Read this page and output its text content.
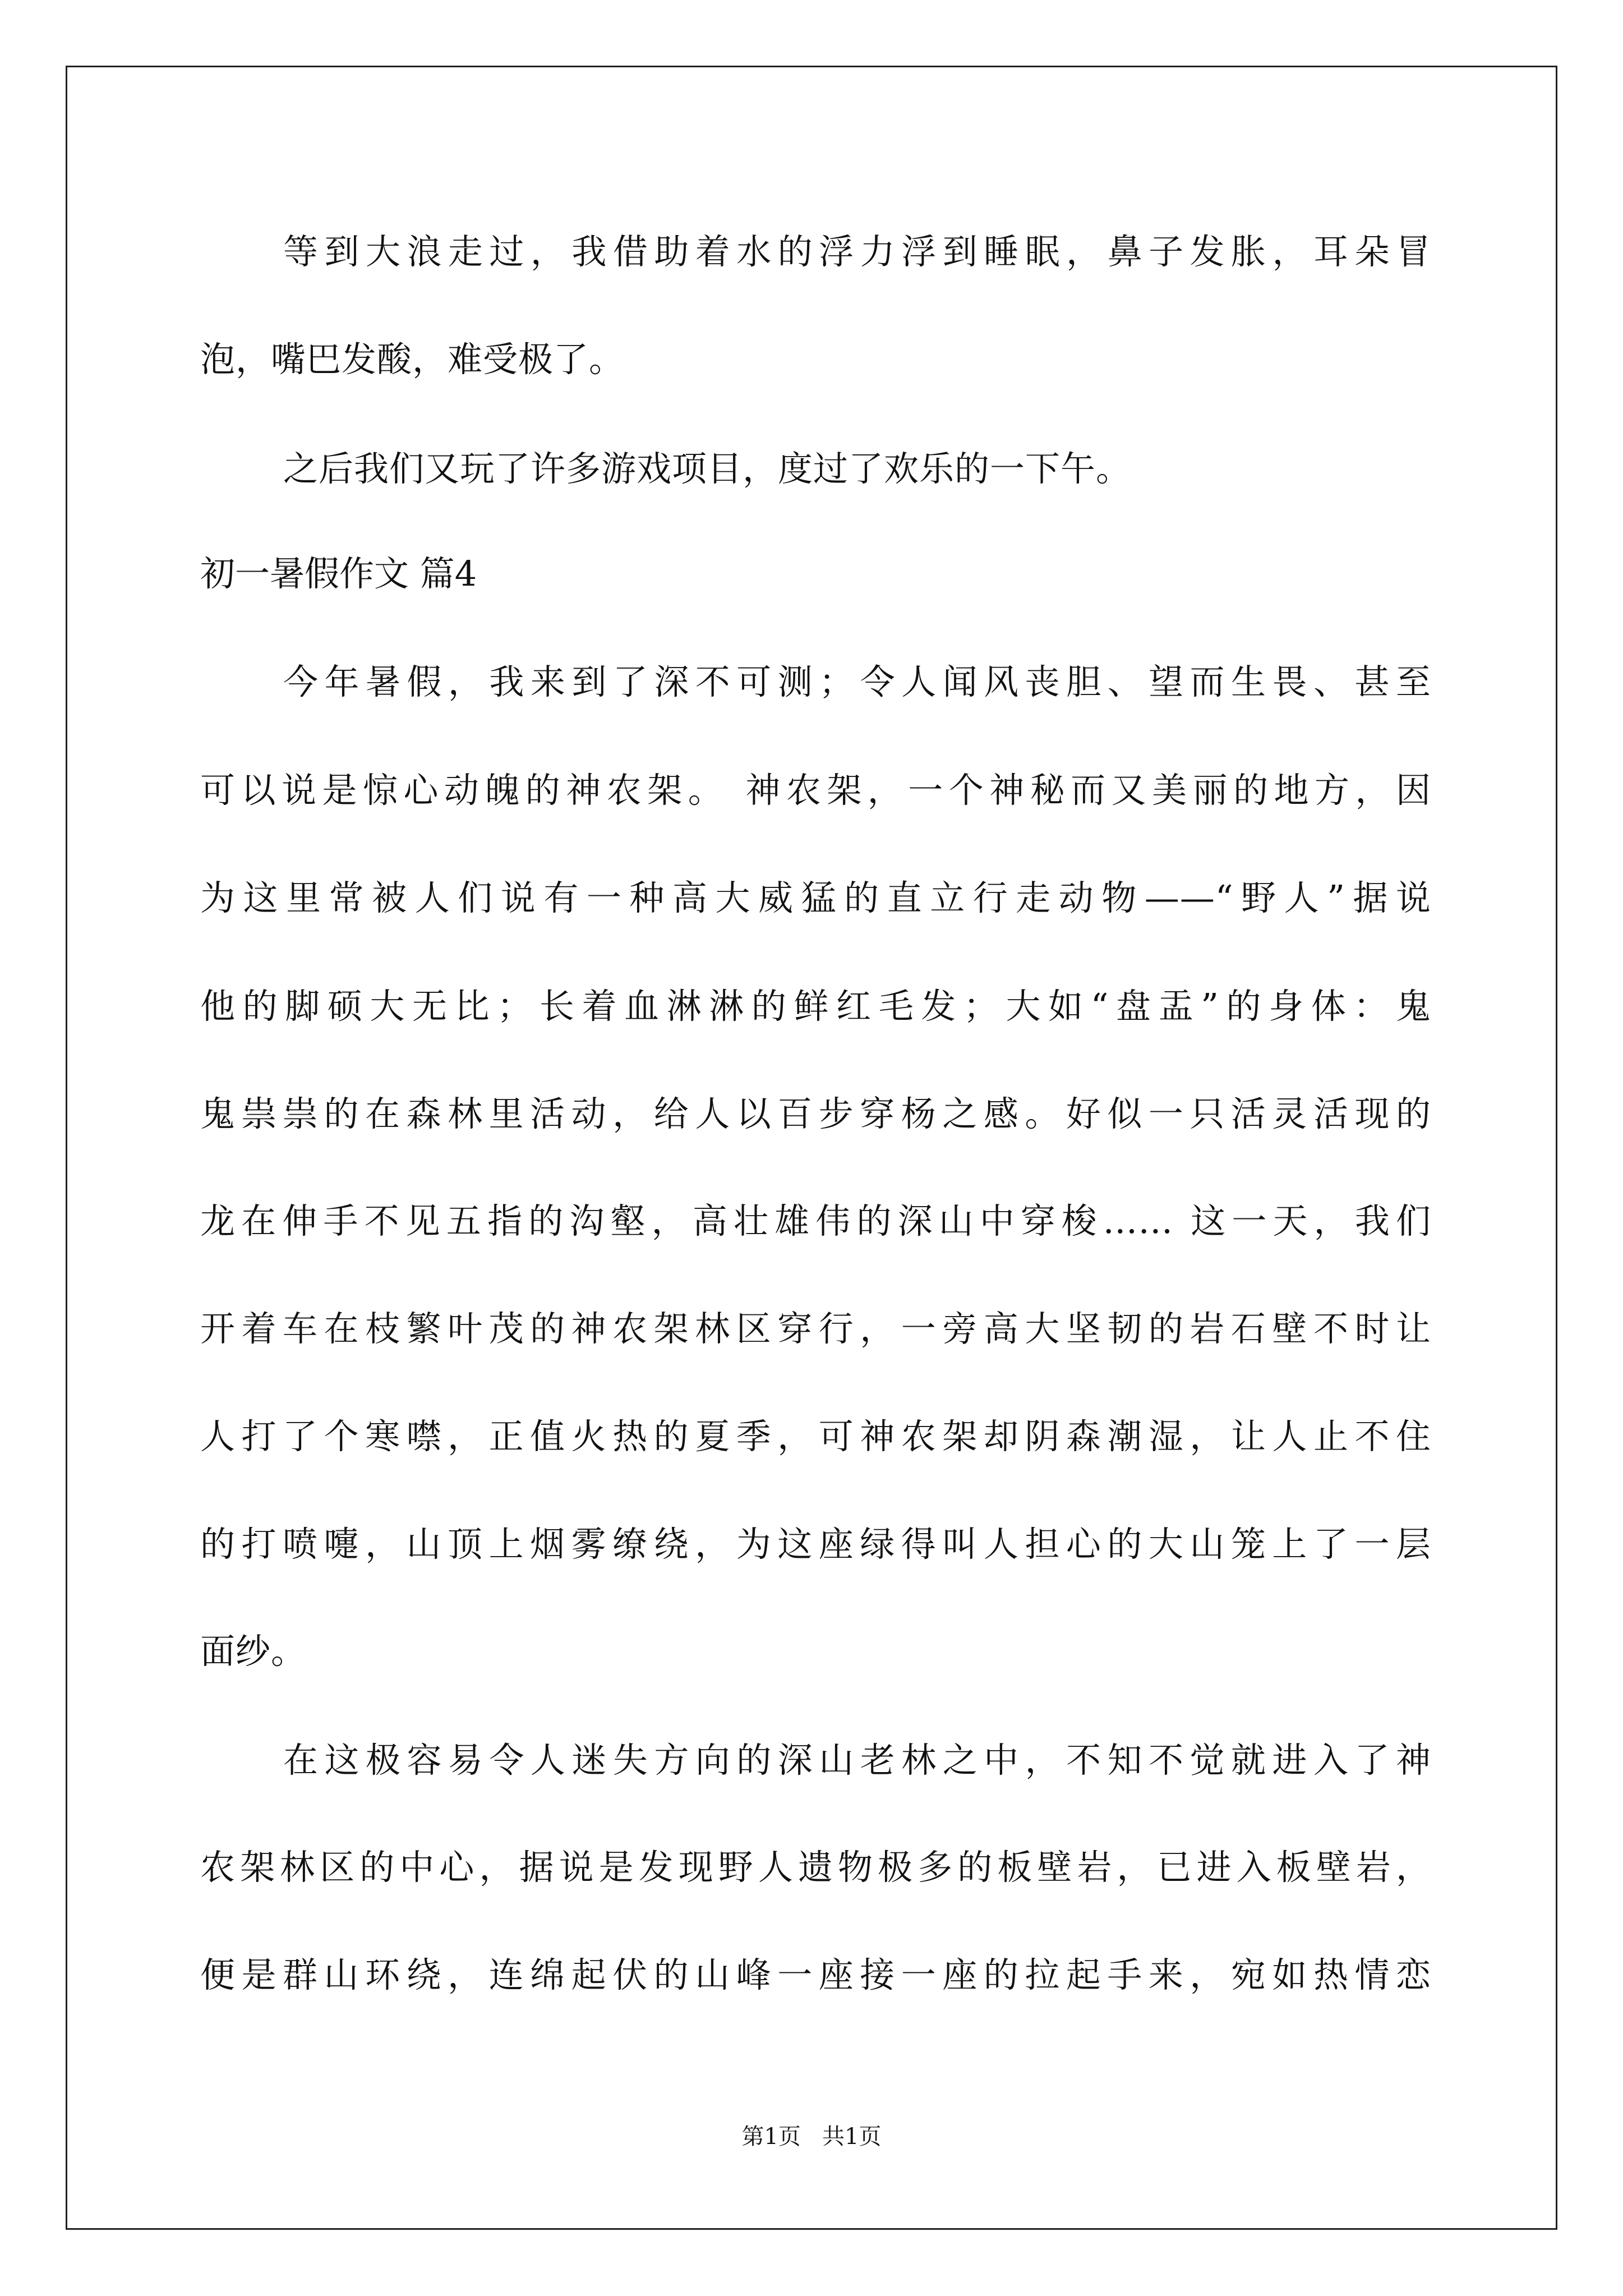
等到大浪走过，我借助着水的浮力浮到睡眠，鼻子发胀，耳朵冒
泡，嘴巴发酸，难受极了。
之后我们又玩了许多游戏项目，度过了欢乐的一下午。
初一暑假作文 篇4
今年暑假，我来到了深不可测；令人闻风丧胆、望而生畏、甚至
可以说是惊心动魄的神农架。 神农架，一个神秘而又美丽的地方，因
为这里常被人们说有一种高大威猛的直立行走动物——“野人”据说
他的脚硕大无比；长着血淋淋的鲜红毛发；大如“盘盂”的身体：鬼
鬼祟祟的在森林里活动，给人以百步穿杨之感。好似一只活灵活现的
龙在伸手不见五指的沟壑，高壮雄伟的深山中穿梭…… 这一天，我们
开着车在枝繁叶茂的神农架林区穿行，一旁高大坚韧的岩石壁不时让
人打了个寒噤，正值火热的夏季，可神农架却阴森潮湿，让人止不住
的打喷嚏，山顶上烟雾缭绕，为这座绿得叫人担心的大山笼上了一层
面纱。
在这极容易令人迷失方向的深山老林之中，不知不觉就进入了神
农架林区的中心，据说是发现野人遗物极多的板壁岩，已进入板壁岩，
便是群山环绕，连绵起伏的山峰一座接一座的拉起手来，宛如热情恋
第1页   共1页
